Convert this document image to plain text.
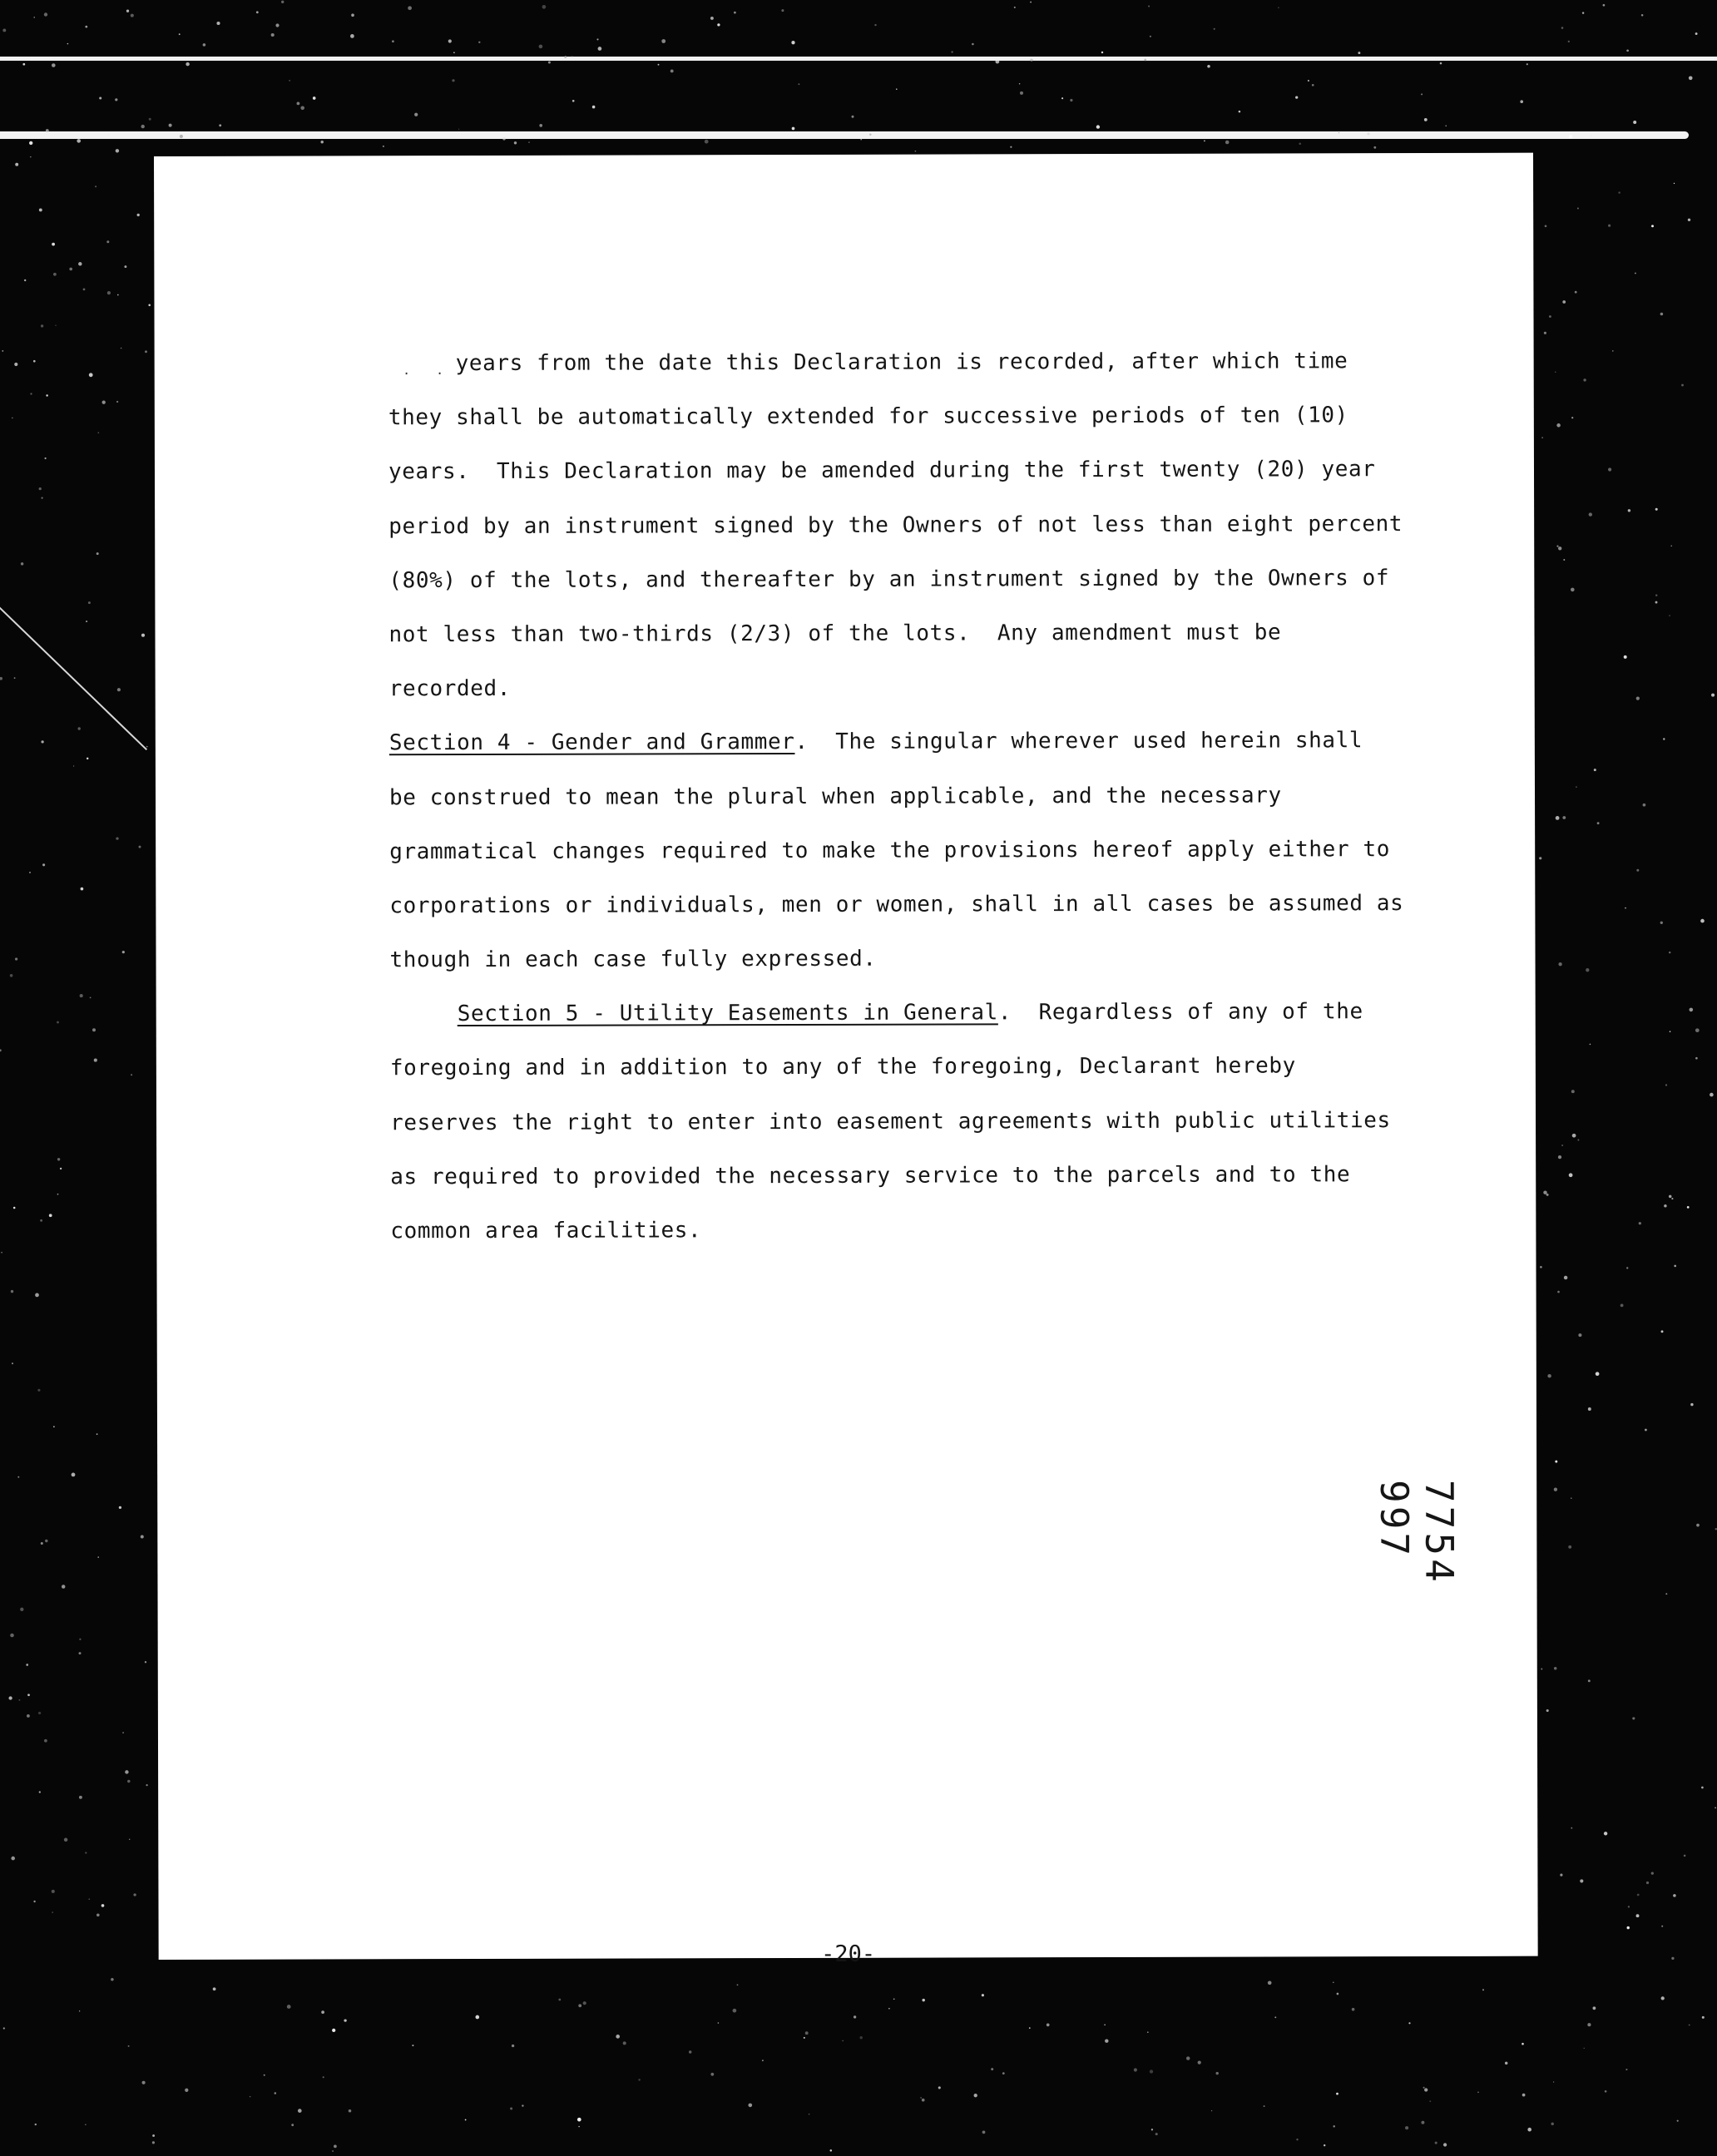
·      · years from the date this Declaration is recorded, after which time
they shall be automatically extended for successive periods of ten (10)
years.  This Declaration may be amended during the first twenty (20) year
period by an instrument signed by the Owners of not less than eight percent
(80%) of the lots, and thereafter by an instrument signed by the Owners of
not less than two-thirds (2/3) of the lots.  Any amendment must be
recorded.
Section 4 - Gender and Grammer.  The singular wherever used herein shall
be construed to mean the plural when applicable, and the necessary
grammatical changes required to make the provisions hereof apply either to
corporations or individuals, men or women, shall in all cases be assumed as
though in each case fully expressed.
Section 5 - Utility Easements in General.  Regardless of any of the
foregoing and in addition to any of the foregoing, Declarant hereby
reserves the right to enter into easement agreements with public utilities
as required to provided the necessary service to the parcels and to the
common area facilities.
7754
997
-20-
